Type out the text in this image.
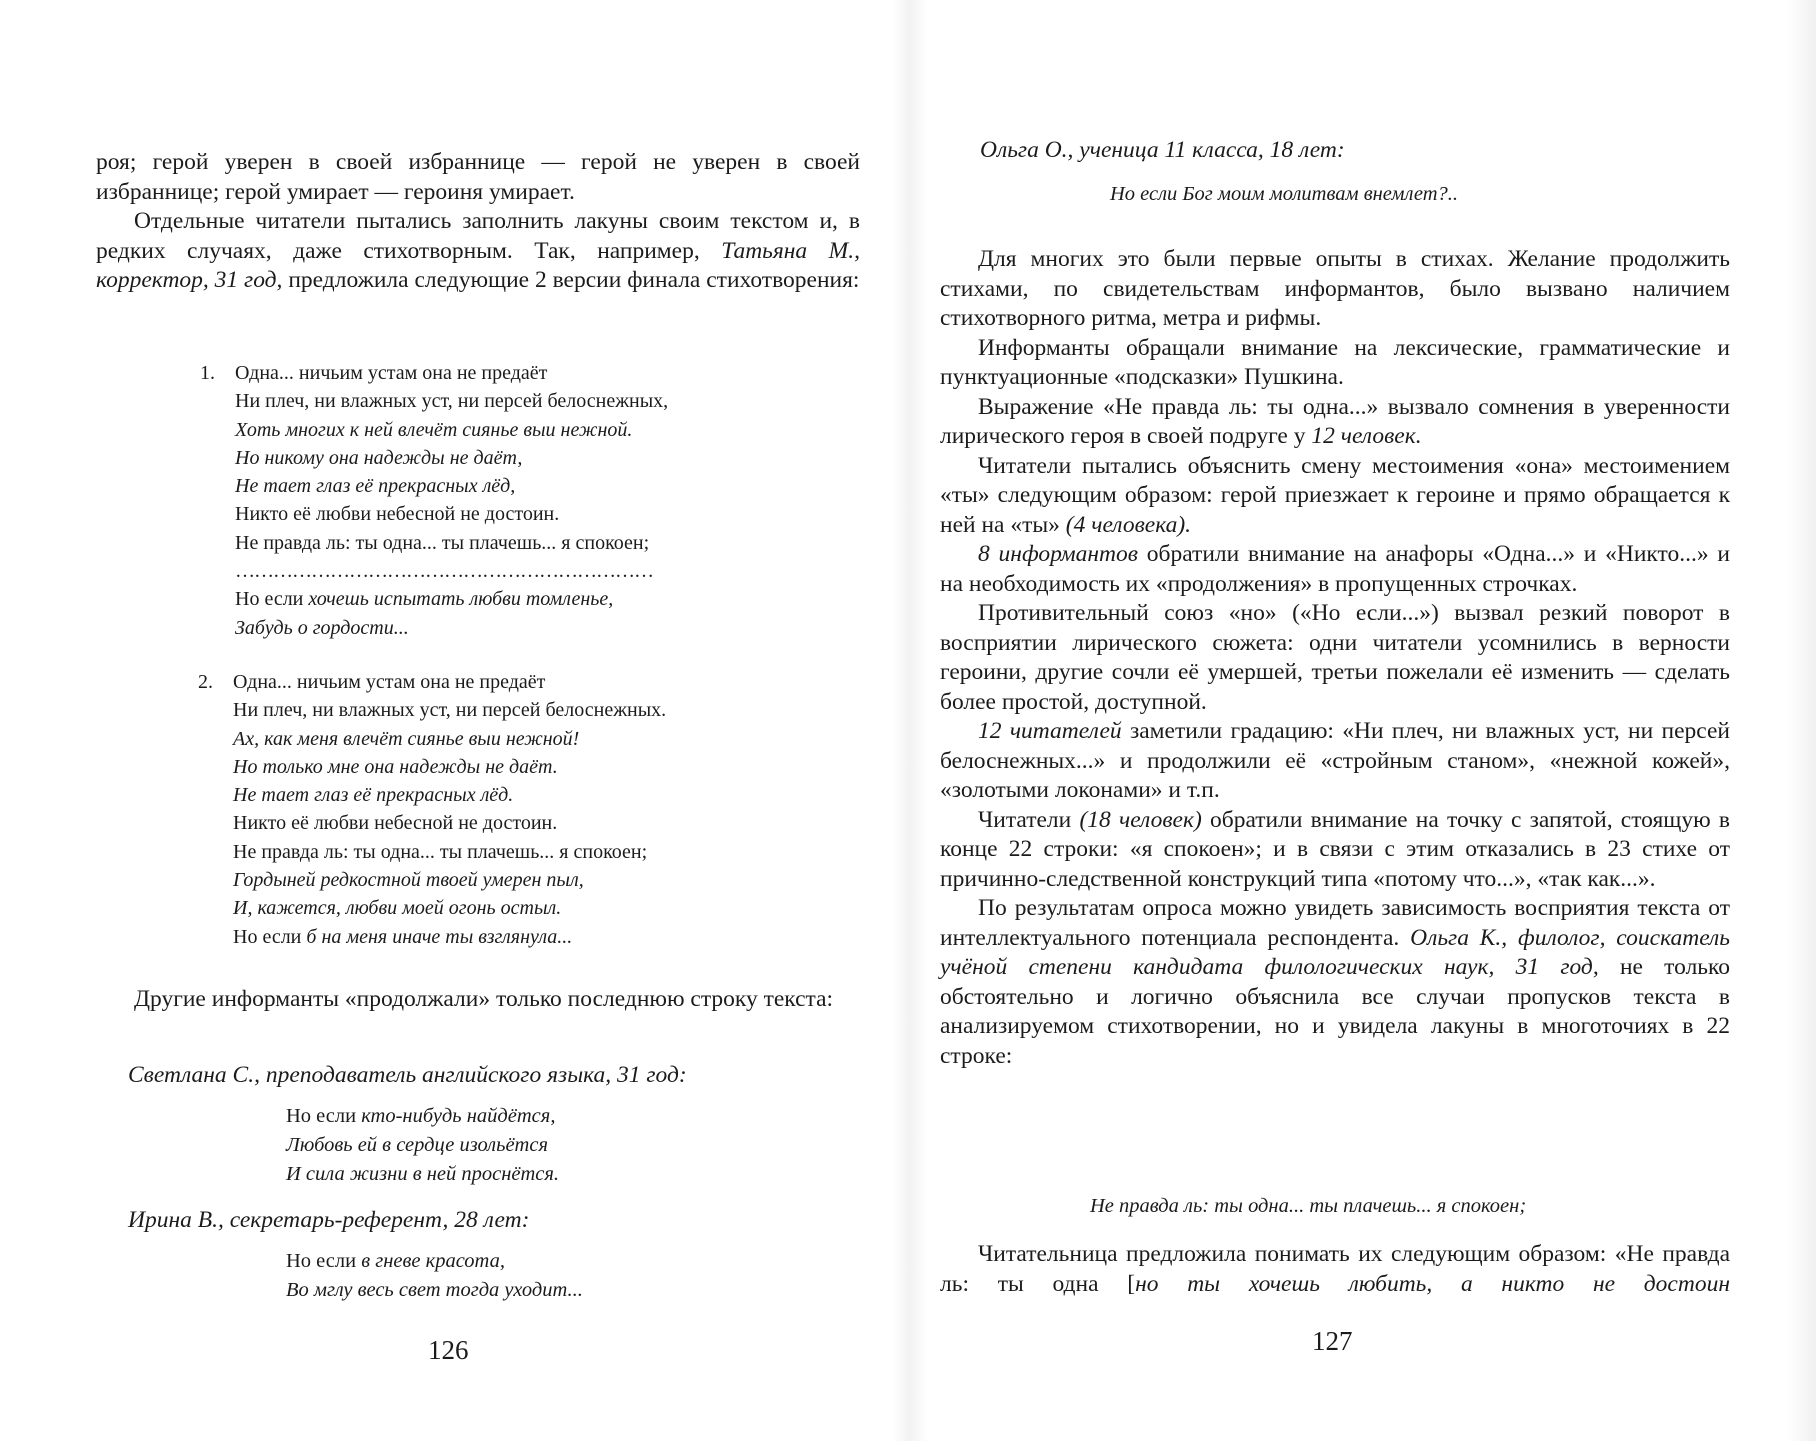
роя; герой уверен в своей избраннице — герой не уверен в своей

избраннице; герой умирает — героиня умирает.

Отдельные читатели пытались заполнить лакуны своим текстом и, в редких случаях, даже стихотворным. Так, например, Татьяна М., корректор, 31 год, предложила следующие 2 версии финала стихотворения:

1. Одна... ничьим устам она не предаёт
Ни плеч, ни влажных уст, ни персей белоснежных,
Хоть многих к ней влечёт сиянье выи нежной.
Но никому она надежды не даёт,
Не тает глаз её прекрасных лёд,
Никто её любви небесной не достоин.
Не правда ль: ты одна... ты плачешь... я спокоен;
…………………………………………………………
Но если хочешь испытать любви томленье,
Забудь о гордости...
2. Одна... ничьим устам она не предаёт
Ни плеч, ни влажных уст, ни персей белоснежных.
Ах, как меня влечёт сиянье выи нежной!
Но только мне она надежды не даёт.
Не тает глаз её прекрасных лёд.
Никто её любви небесной не достоин.
Не правда ль: ты одна... ты плачешь... я спокоен;
Гордыней редкостной твоей умерен пыл,
И, кажется, любви моей огонь остыл.
Но если б на меня иначе ты взглянула...

Другие информанты «продолжали» только последнюю строку текста:

Светлана С., преподаватель английского языка, 31 год:
Но если кто-нибудь найдётся,
Любовь ей в сердце изольётся
И сила жизни в ней проснётся.
Ирина В., секретарь-референт, 28 лет:
Но если в гневе красота,
Во мглу весь свет тогда уходит...
126
Ольга О., ученица 11 класса, 18 лет:
Но если Бог моим молитвам внемлет?..

Для многих это были первые опыты в стихах. Желание продолжить стихами, по свидетельствам информантов, было вызвано наличием стихотворного ритма, метра и рифмы.

Информанты обращали внимание на лексические, грамматические и пунктуационные «подсказки» Пушкина.

Выражение «Не правда ль: ты одна...» вызвало сомнения в уверенности лирического героя в своей подруге у 12 человек.

Читатели пытались объяснить смену местоимения «она» местоимением «ты» следующим образом: герой приезжает к героине и прямо обращается к ней на «ты» (4 человека).

8 информантов обратили внимание на анафоры «Одна...» и «Никто...» и на необходимость их «продолжения» в пропущенных строчках.

Противительный союз «но» («Но если...») вызвал резкий поворот в восприятии лирического сюжета: одни читатели усомнились в верности героини, другие сочли её умершей, третьи пожелали её изменить — сделать более простой, доступной.

12 читателей заметили градацию: «Ни плеч, ни влажных уст, ни персей белоснежных...» и продолжили её «стройным станом», «нежной кожей», «золотыми локонами» и т.п.

Читатели (18 человек) обратили внимание на точку с запятой, стоящую в конце 22 строки: «я спокоен»; и в связи с этим отказались в 23 стихе от причинно-следственной конструкций типа «потому что...», «так как...».

По результатам опроса можно увидеть зависимость восприятия текста от интеллектуального потенциала респондента. Ольга К., филолог, соискатель учёной степени кандидата филологических наук, 31 год, не только обстоятельно и логично объяснила все случаи пропусков текста в анализируемом стихотворении, но и увидела лакуны в многоточиях в 22 строке:

Не правда ль: ты одна... ты плачешь... я спокоен;

Читательница предложила понимать их следующим образом: «Не правда ль: ты одна [но ты хочешь любить, а никто не достоин

127
